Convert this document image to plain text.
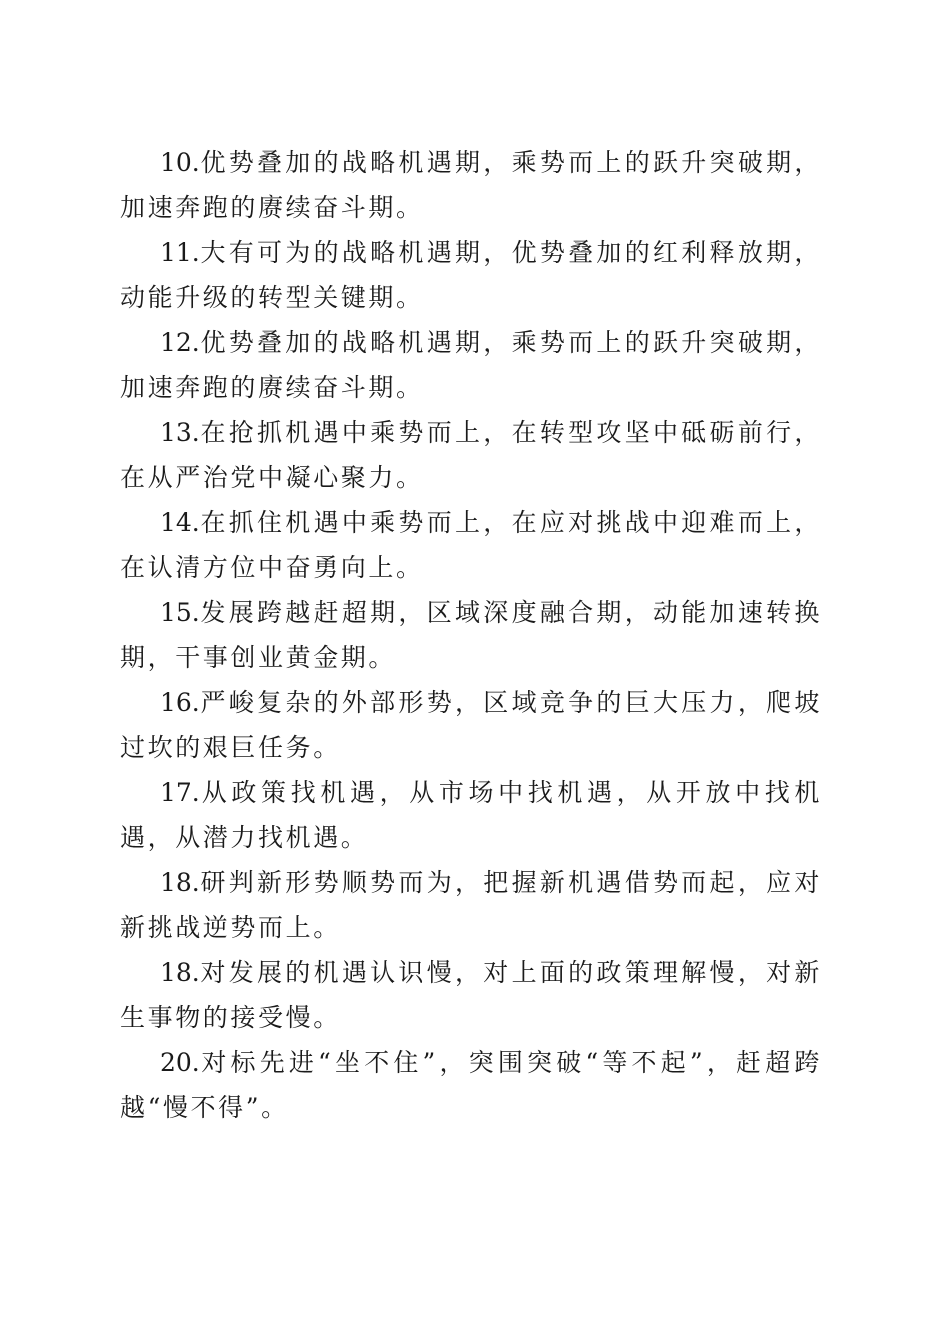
10.优势叠加的战略机遇期，乘势而上的跃升突破期，加速奔跑的赓续奋斗期。

11.大有可为的战略机遇期，优势叠加的红利释放期，动能升级的转型关键期。

12.优势叠加的战略机遇期，乘势而上的跃升突破期，加速奔跑的赓续奋斗期。

13.在抢抓机遇中乘势而上，在转型攻坚中砥砺前行，在从严治党中凝心聚力。

14.在抓住机遇中乘势而上，在应对挑战中迎难而上，在认清方位中奋勇向上。

15.发展跨越赶超期，区域深度融合期，动能加速转换期，干事创业黄金期。

16.严峻复杂的外部形势，区域竞争的巨大压力，爬坡过坎的艰巨任务。

17.从政策找机遇，从市场中找机遇，从开放中找机遇，从潜力找机遇。

18.研判新形势顺势而为，把握新机遇借势而起，应对新挑战逆势而上。

18.对发展的机遇认识慢，对上面的政策理解慢，对新生事物的接受慢。

20.对标先进“坐不住”，突围突破“等不起”，赶超跨越“慢不得”。
